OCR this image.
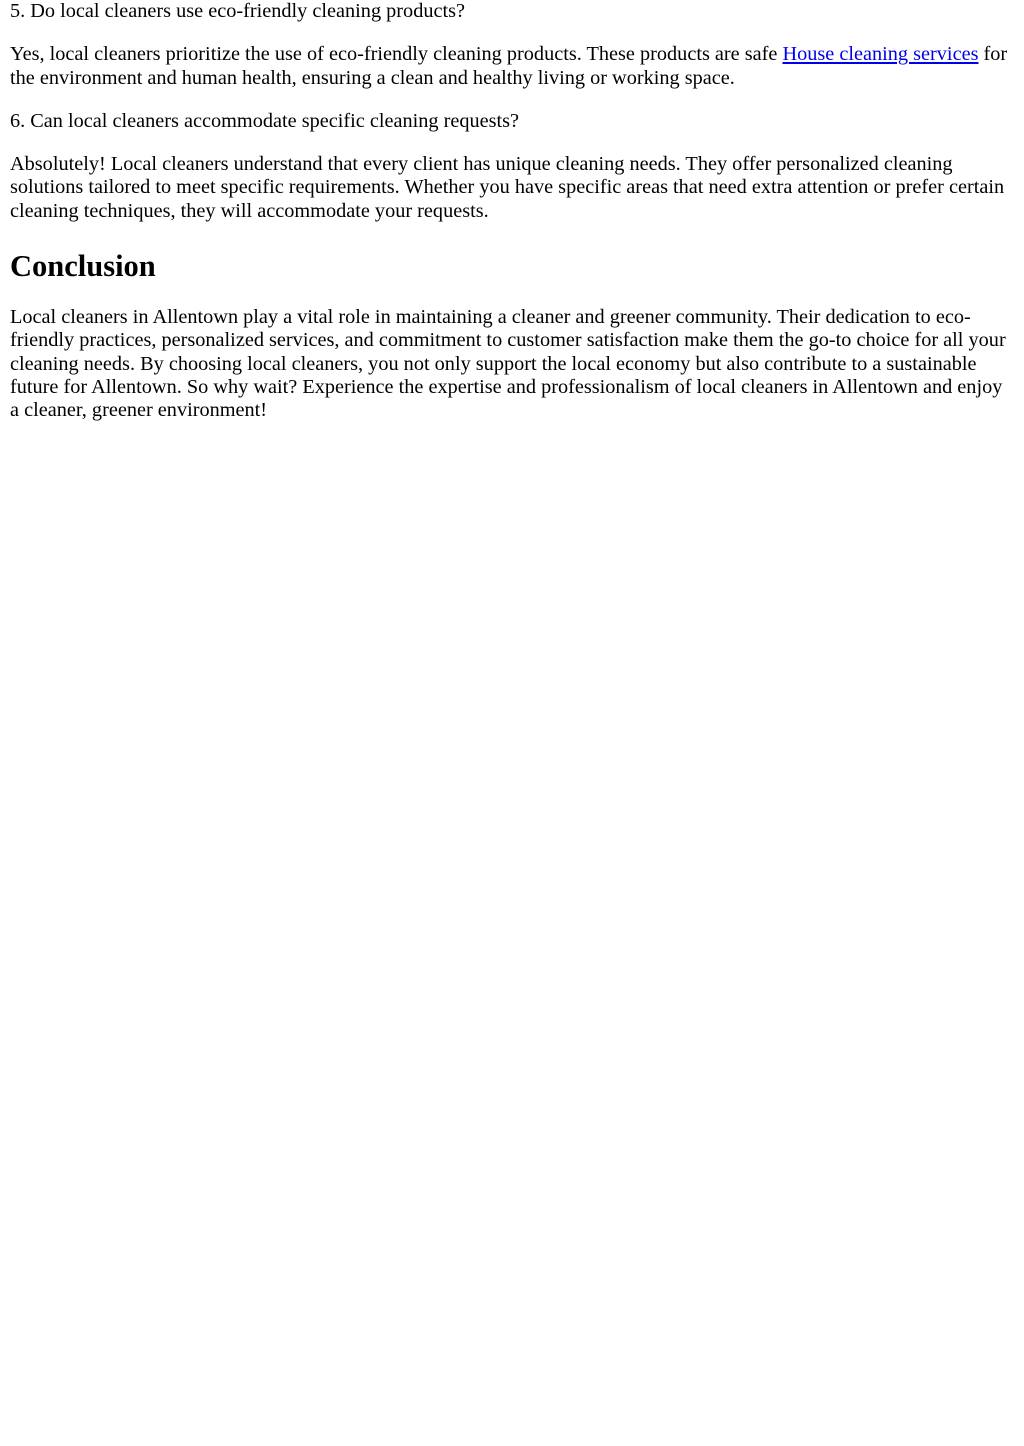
5. Do local cleaners use eco-friendly cleaning products?

Yes, local cleaners prioritize the use of eco-friendly cleaning products. These products are safe House cleaning services for the environment and human health, ensuring a clean and healthy living or working space.

6. Can local cleaners accommodate specific cleaning requests?

Absolutely! Local cleaners understand that every client has unique cleaning needs. They offer personalized cleaning solutions tailored to meet specific requirements. Whether you have specific areas that need extra attention or prefer certain cleaning techniques, they will accommodate your requests.

Conclusion

Local cleaners in Allentown play a vital role in maintaining a cleaner and greener community. Their dedication to eco-friendly practices, personalized services, and commitment to customer satisfaction make them the go-to choice for all your cleaning needs. By choosing local cleaners, you not only support the local economy but also contribute to a sustainable future for Allentown. So why wait? Experience the expertise and professionalism of local cleaners in Allentown and enjoy a cleaner, greener environment!
